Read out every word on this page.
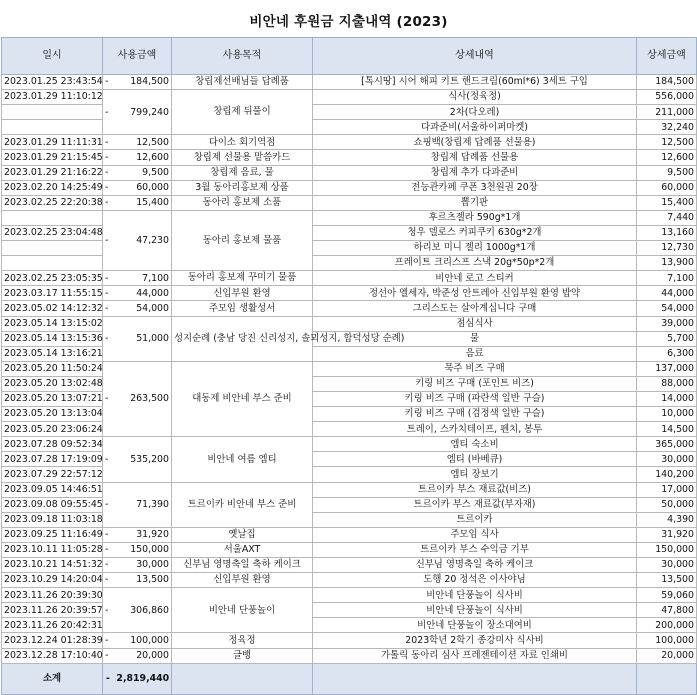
비안네 후원금 지출내역 (2023)
일시	사용금액	사용목적	상세내역	상세금액
2023.01.25 23:43:54	- 184,500	창립제선배님들 답례품	[톡시땅] 시어 해피 키트 핸드크림(60ml*6) 3세트 구입	184,500
2023.01.29 11:10:12	- 799,240	창립제 뒤풀이	식사(정육정)	556,000
			2차(다오레)	211,000
			다과준비(서울하이퍼마켓)	32,240
2023.01.29 11:11:31	- 12,500	다이소 회기역점	쇼핑백(창립제 답례품 선물용)	12,500
2023.01.29 21:15:45	- 12,600	창립제 선물용 맡씀카드	창립제 답례품 선물용	12,600
2023.01.29 21:16:22	- 9,500	창립제 음료, 물	창립제 추가 다과준비	9,500
2023.02.20 14:25:49	- 60,000	3월 동아리홍보제 상품	전능관카페 쿠폰 3천원권 20장	60,000
2023.02.25 22:20:38	- 15,400	동아리 홍보제 소품	뽑기판	15,400
	- 47,230	동아리 홍보제 물품	후르츠젤라 590g*1개	7,440
2023.02.25 23:04:48			청우 델로스 커피쿠키 630g*2개	13,160
			하리보 미니 젤리 1000g*1개	12,730
			프레이트 크리스프 스낵 20g*50p*2개	13,900
2023.02.25 23:05:35	- 7,100	동아리 홍보제 꾸미기 물품	비안네 로고 스티커	7,100
2023.03.17 11:55:15	- 44,000	신입부원 환영	정선아 엘세자, 박준성 안트레아 신입부원 환영 밥약	44,000
2023.05.02 14:12:32	- 54,000	주모임 생활성서	그리스도는 살아계십니다 구매	54,000
2023.05.14 13:15:02	- 51,000	성지순례 (충남 당진 신리성지, 솔뫼성지, 합덕성당 순례)	점심식사	39,000
2023.05.14 13:15:36			물	5,700
2023.05.14 13:16:21			음료	6,300
2023.05.20 11:50:24	- 263,500	대동제 비안네 부스 준비	묵주 비즈 구매	137,000
2023.05.20 13:02:48			키링 비즈 구매 (포인트 비즈)	88,000
2023.05.20 13:07:21			키링 비즈 구매 (파란색 일반 구슬)	14,000
2023.05.20 13:13:04			키링 비즈 구매 (검정색 일반 구슬)	10,000
2023.05.20 23:06:24			트레이, 스카치테이프, 펜치, 봉투	14,500
2023.07.28 09:52:34	- 535,200	비안네 여름 엠티	엠티 숙소비	365,000
2023.07.28 17:19:09			엠티 (바베큐)	30,000
2023.07.29 22:57:12			엠티 장보기	140,200
2023.09.05 14:46:51	- 71,390	트르이카 비안네 부스 준비	트르이카 부스 재료값(비즈)	17,000
2023.09.08 09:55:45			트르이카 부스 재료값(부자재)	50,000
2023.09.18 11:03:18			트르이카	4,390
2023.09.25 11:16:49	- 31,920	옛날집	주모임 식사	31,920
2023.10.11 11:05:28	- 150,000	서울AXT	트르이카 부스 수익금 기부	150,000
2023.10.21 14:51:32	- 30,000	신부님 영명축일 축하 케이크	신부님 영명축일 축하 케이크	30,000
2023.10.29 14:20:04	- 13,500	신입부원 환영	도행 20 정석은 이사야님	13,500
2023.11.26 20:39:30	- 306,860	비안네 단풍놀이	비안네 단풍놀이 식사비	59,060
2023.11.26 20:39:57			비안네 단풍놀이 식사비	47,800
2023.11.26 20:42:31			비안네 단풍놀이 장소대여비	200,000
2023.12.24 01:28:39	- 100,000	정육정	2023학년 2학기 종강미사 식사비	100,000
2023.12.28 17:10:40	- 20,000	글뱅	가톨릭 동아리 심사 프레젠테이션 자료 인쇄비	20,000
소계	-  2,819,440			
